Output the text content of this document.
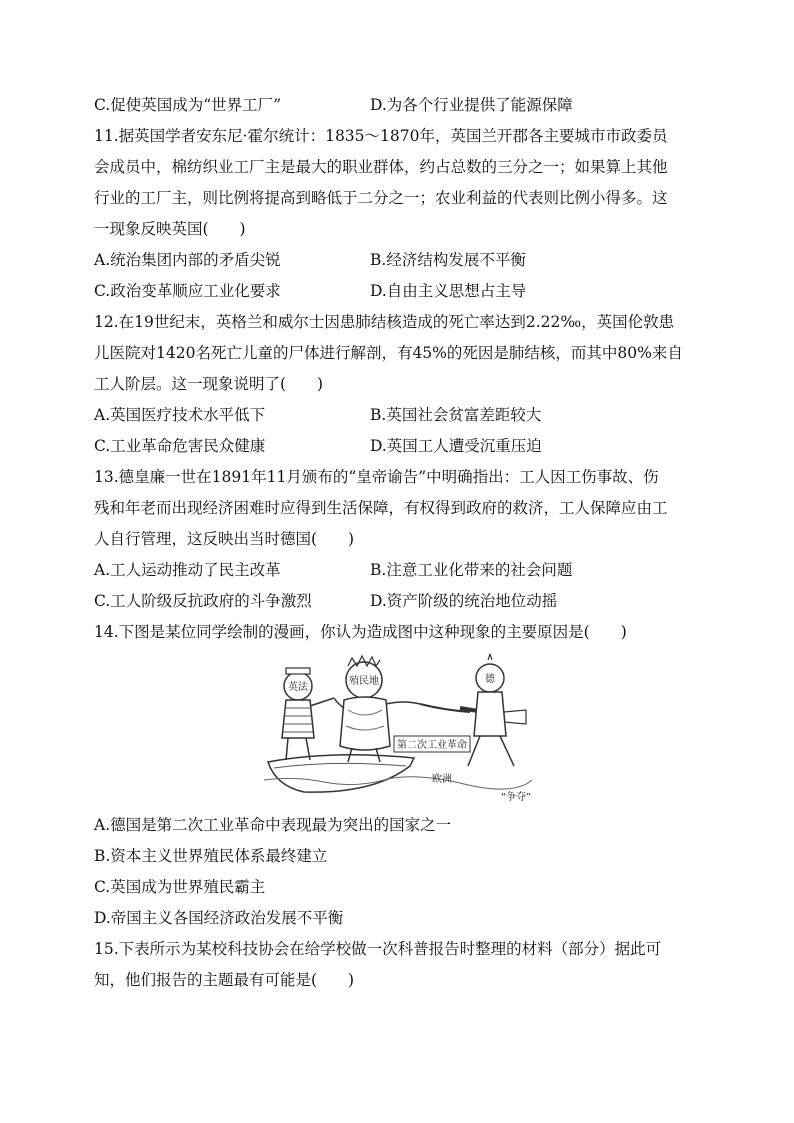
C.促使英国成为“世界工厂”	D.为各个行业提供了能源保障
11.据英国学者安东尼·霍尔统计：1835～1870年，英国兰开郡各主要城市市政委员
会成员中，棉纺织业工厂主是最大的职业群体，约占总数的三分之一；如果算上其他
行业的工厂主，则比例将提高到略低于二分之一；农业利益的代表则比例小得多。这
一现象反映英国(　　)
A.统治集团内部的矛盾尖锐	B.经济结构发展不平衡
C.政治变革顺应工业化要求	D.自由主义思想占主导
12.在19世纪末，英格兰和威尔士因患肺结核造成的死亡率达到2.22‰，英国伦敦患
儿医院对1420名死亡儿童的尸体进行解剖，有45%的死因是肺结核，而其中80%来自
工人阶层。这一现象说明了(　　)
A.英国医疗技术水平低下	B.英国社会贫富差距较大
C.工业革命危害民众健康	D.英国工人遭受沉重压迫
13.德皇廉一世在1891年11月颁布的“皇帝谕告”中明确指出：工人因工伤事故、伤
残和年老而出现经济困难时应得到生活保障，有权得到政府的救济，工人保障应由工
人自行管理，这反映出当时德国(　　)
A.工人运动推动了民主改革	B.注意工业化带来的社会问题
C.工人阶级反抗政府的斗争激烈	D.资产阶级的统治地位动摇
14.下图是某位同学绘制的漫画，你认为造成图中这种现象的主要原因是(　　)
英法
殖民地	德
第二次工业革命
欧洲
“争夺”
A.德国是第二次工业革命中表现最为突出的国家之一
B.资本主义世界殖民体系最终建立
C.英国成为世界殖民霸主
D.帝国主义各国经济政治发展不平衡
15.下表所示为某校科技协会在给学校做一次科普报告时整理的材料（部分）据此可
知，他们报告的主题最有可能是(　　)
